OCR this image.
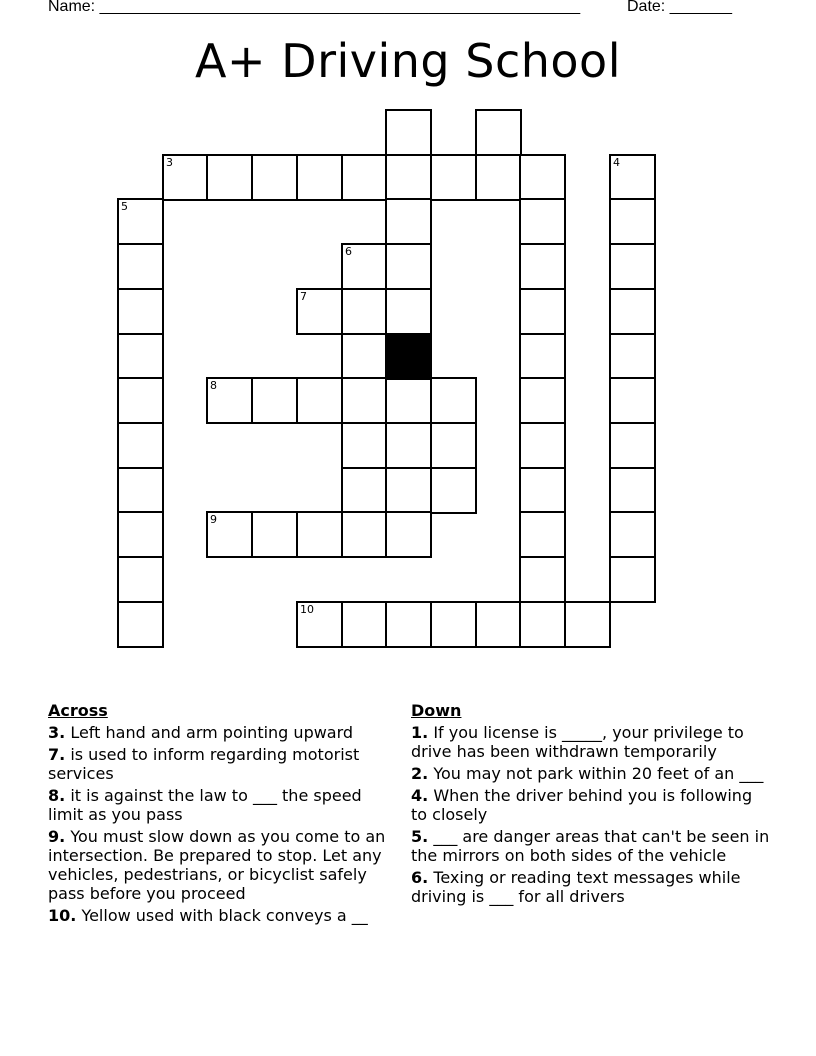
Name: ______________________________________________________	Date: _______
A+ Driving School
3	4
5
6
7
8
9
10
Across
3. Left hand and arm pointing upward
7. is used to inform regarding motorist services
8. it is against the law to ___ the speed limit as you pass
9. You must slow down as you come to an intersection. Be prepared to stop. Let any vehicles, pedestrians, or bicyclist safely pass before you proceed
10. Yellow used with black conveys a __
Down
1. If you license is _____, your privilege to drive has been withdrawn temporarily
2. You may not park within 20 feet of an ___
4. When the driver behind you is following to closely
5. ___ are danger areas that can't be seen in the mirrors on both sides of the vehicle
6. Texing or reading text messages while driving is ___ for all drivers
